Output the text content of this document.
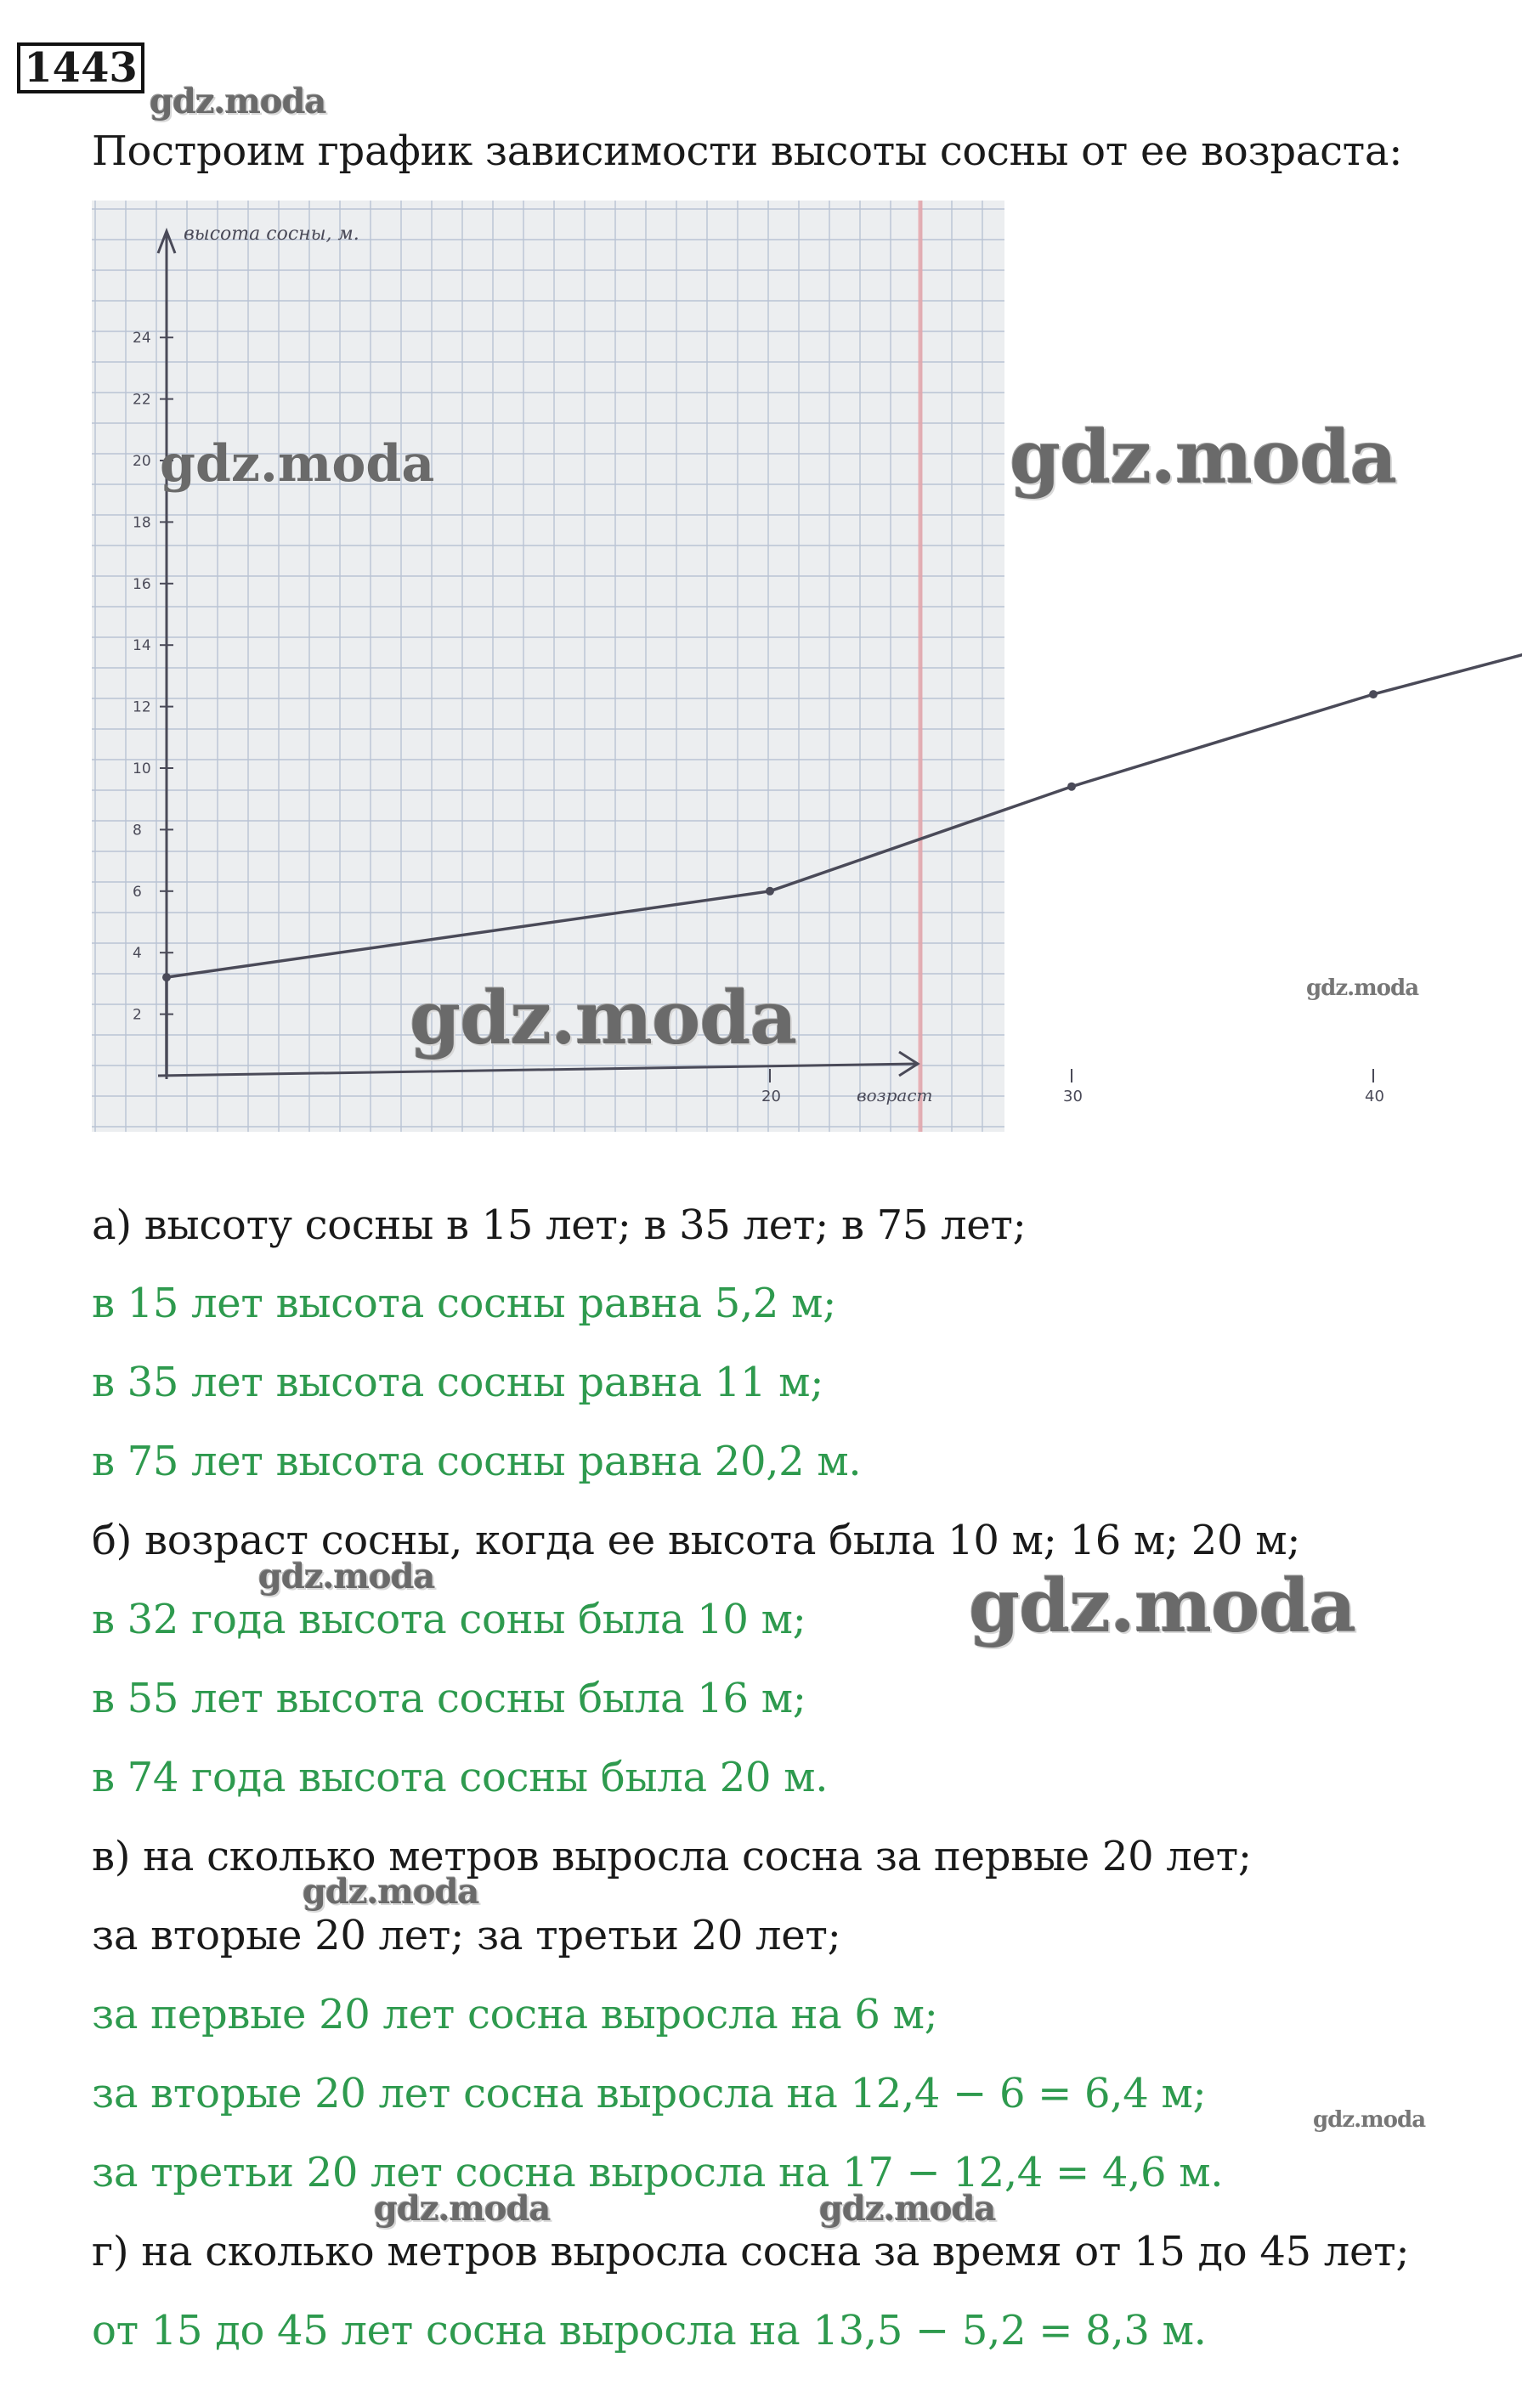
1443
gdz.moda
Построим график зависимости высоты сосны от ее возраста:
высота сосны, м.
возраст
20	30	40
2
4
6
8
10
12
14
16
18
20
22
24
gdz.moda	gdz.moda
gdz.moda	gdz.moda
а) высоту сосны в 15 лет; в 35 лет; в 75 лет;
в 15 лет высота сосны равна 5,2 м;
в 35 лет высота сосны равна 11 м;
в 75 лет высота сосны равна 20,2 м.
б) возраст сосны, когда ее высота была 10 м; 16 м; 20 м;
gdz.moda	gdz.moda
в 32 года высота соны была 10 м;
в 55 лет высота сосны была 16 м;
в 74 года высота сосны была 20 м.
в) на сколько метров выросла сосна за первые 20 лет;
gdz.moda
за вторые 20 лет; за третьи 20 лет;
за первые 20 лет сосна выросла на 6 м;
за вторые 20 лет сосна выросла на 12,4 − 6 = 6,4 м;
gdz.moda
за третьи 20 лет сосна выросла на 17 − 12,4 = 4,6 м.
gdz.moda	gdz.moda
г) на сколько метров выросла сосна за время от 15 до 45 лет;
от 15 до 45 лет сосна выросла на 13,5 − 5,2 = 8,3 м.
